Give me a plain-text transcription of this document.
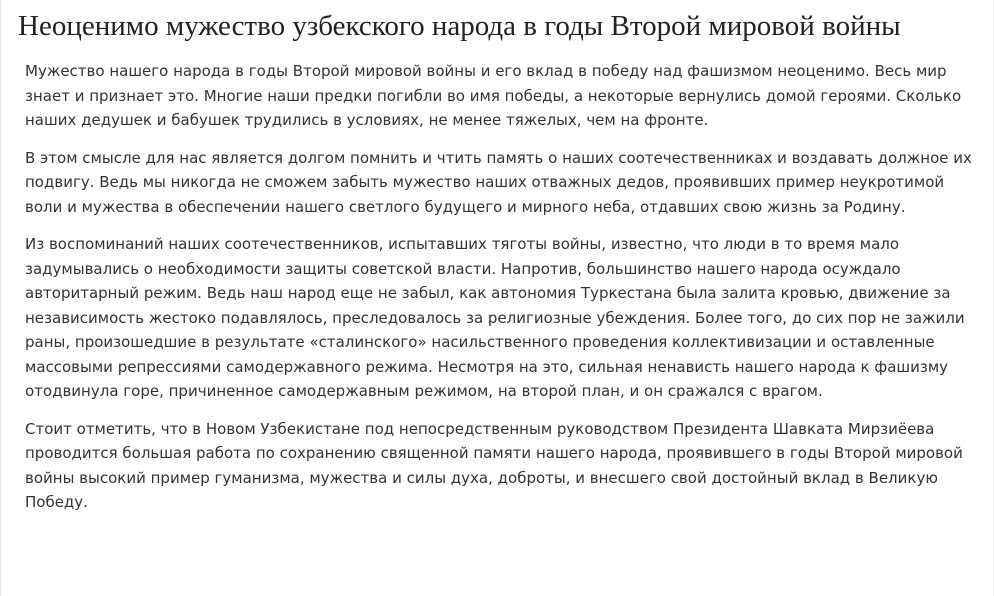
Неоценимо мужество узбекского народа в годы Второй мировой войны

Мужество нашего народа в годы Второй мировой войны и его вклад в победу над фашизмом неоценимо. Весь мир знает и признает это. Многие наши предки погибли во имя победы, а некоторые вернулись домой героями. Сколько наших дедушек и бабушек трудились в условиях, не менее тяжелых, чем на фронте.

В этом смысле для нас является долгом помнить и чтить память о наших соотечественниках и воздавать должное их подвигу. Ведь мы никогда не сможем забыть мужество наших отважных дедов, проявивших пример неукротимой воли и мужества в обеспечении нашего светлого будущего и мирного неба, отдавших свою жизнь за Родину.

Из воспоминаний наших соотечественников, испытавших тяготы войны, известно, что люди в то время мало задумывались о необходимости защиты советской власти. Напротив, большинство нашего народа осуждало авторитарный режим. Ведь наш народ еще не забыл, как автономия Туркестана была залита кровью, движение за независимость жестоко подавлялось, преследовалось за религиозные убеждения. Более того, до сих пор не зажили раны, произошедшие в результате «сталинского» насильственного проведения коллективизации и оставленные массовыми репрессиями самодержавного режима. Несмотря на это, сильная ненависть нашего народа к фашизму отодвинула горе, причиненное самодержавным режимом, на второй план, и он сражался с врагом.

Стоит отметить, что в Новом Узбекистане под непосредственным руководством Президента Шавката Мирзиёева проводится большая работа по сохранению священной памяти нашего народа, проявившего в годы Второй мировой войны высокий пример гуманизма, мужества и силы духа, доброты, и внесшего свой достойный вклад в Великую Победу.
